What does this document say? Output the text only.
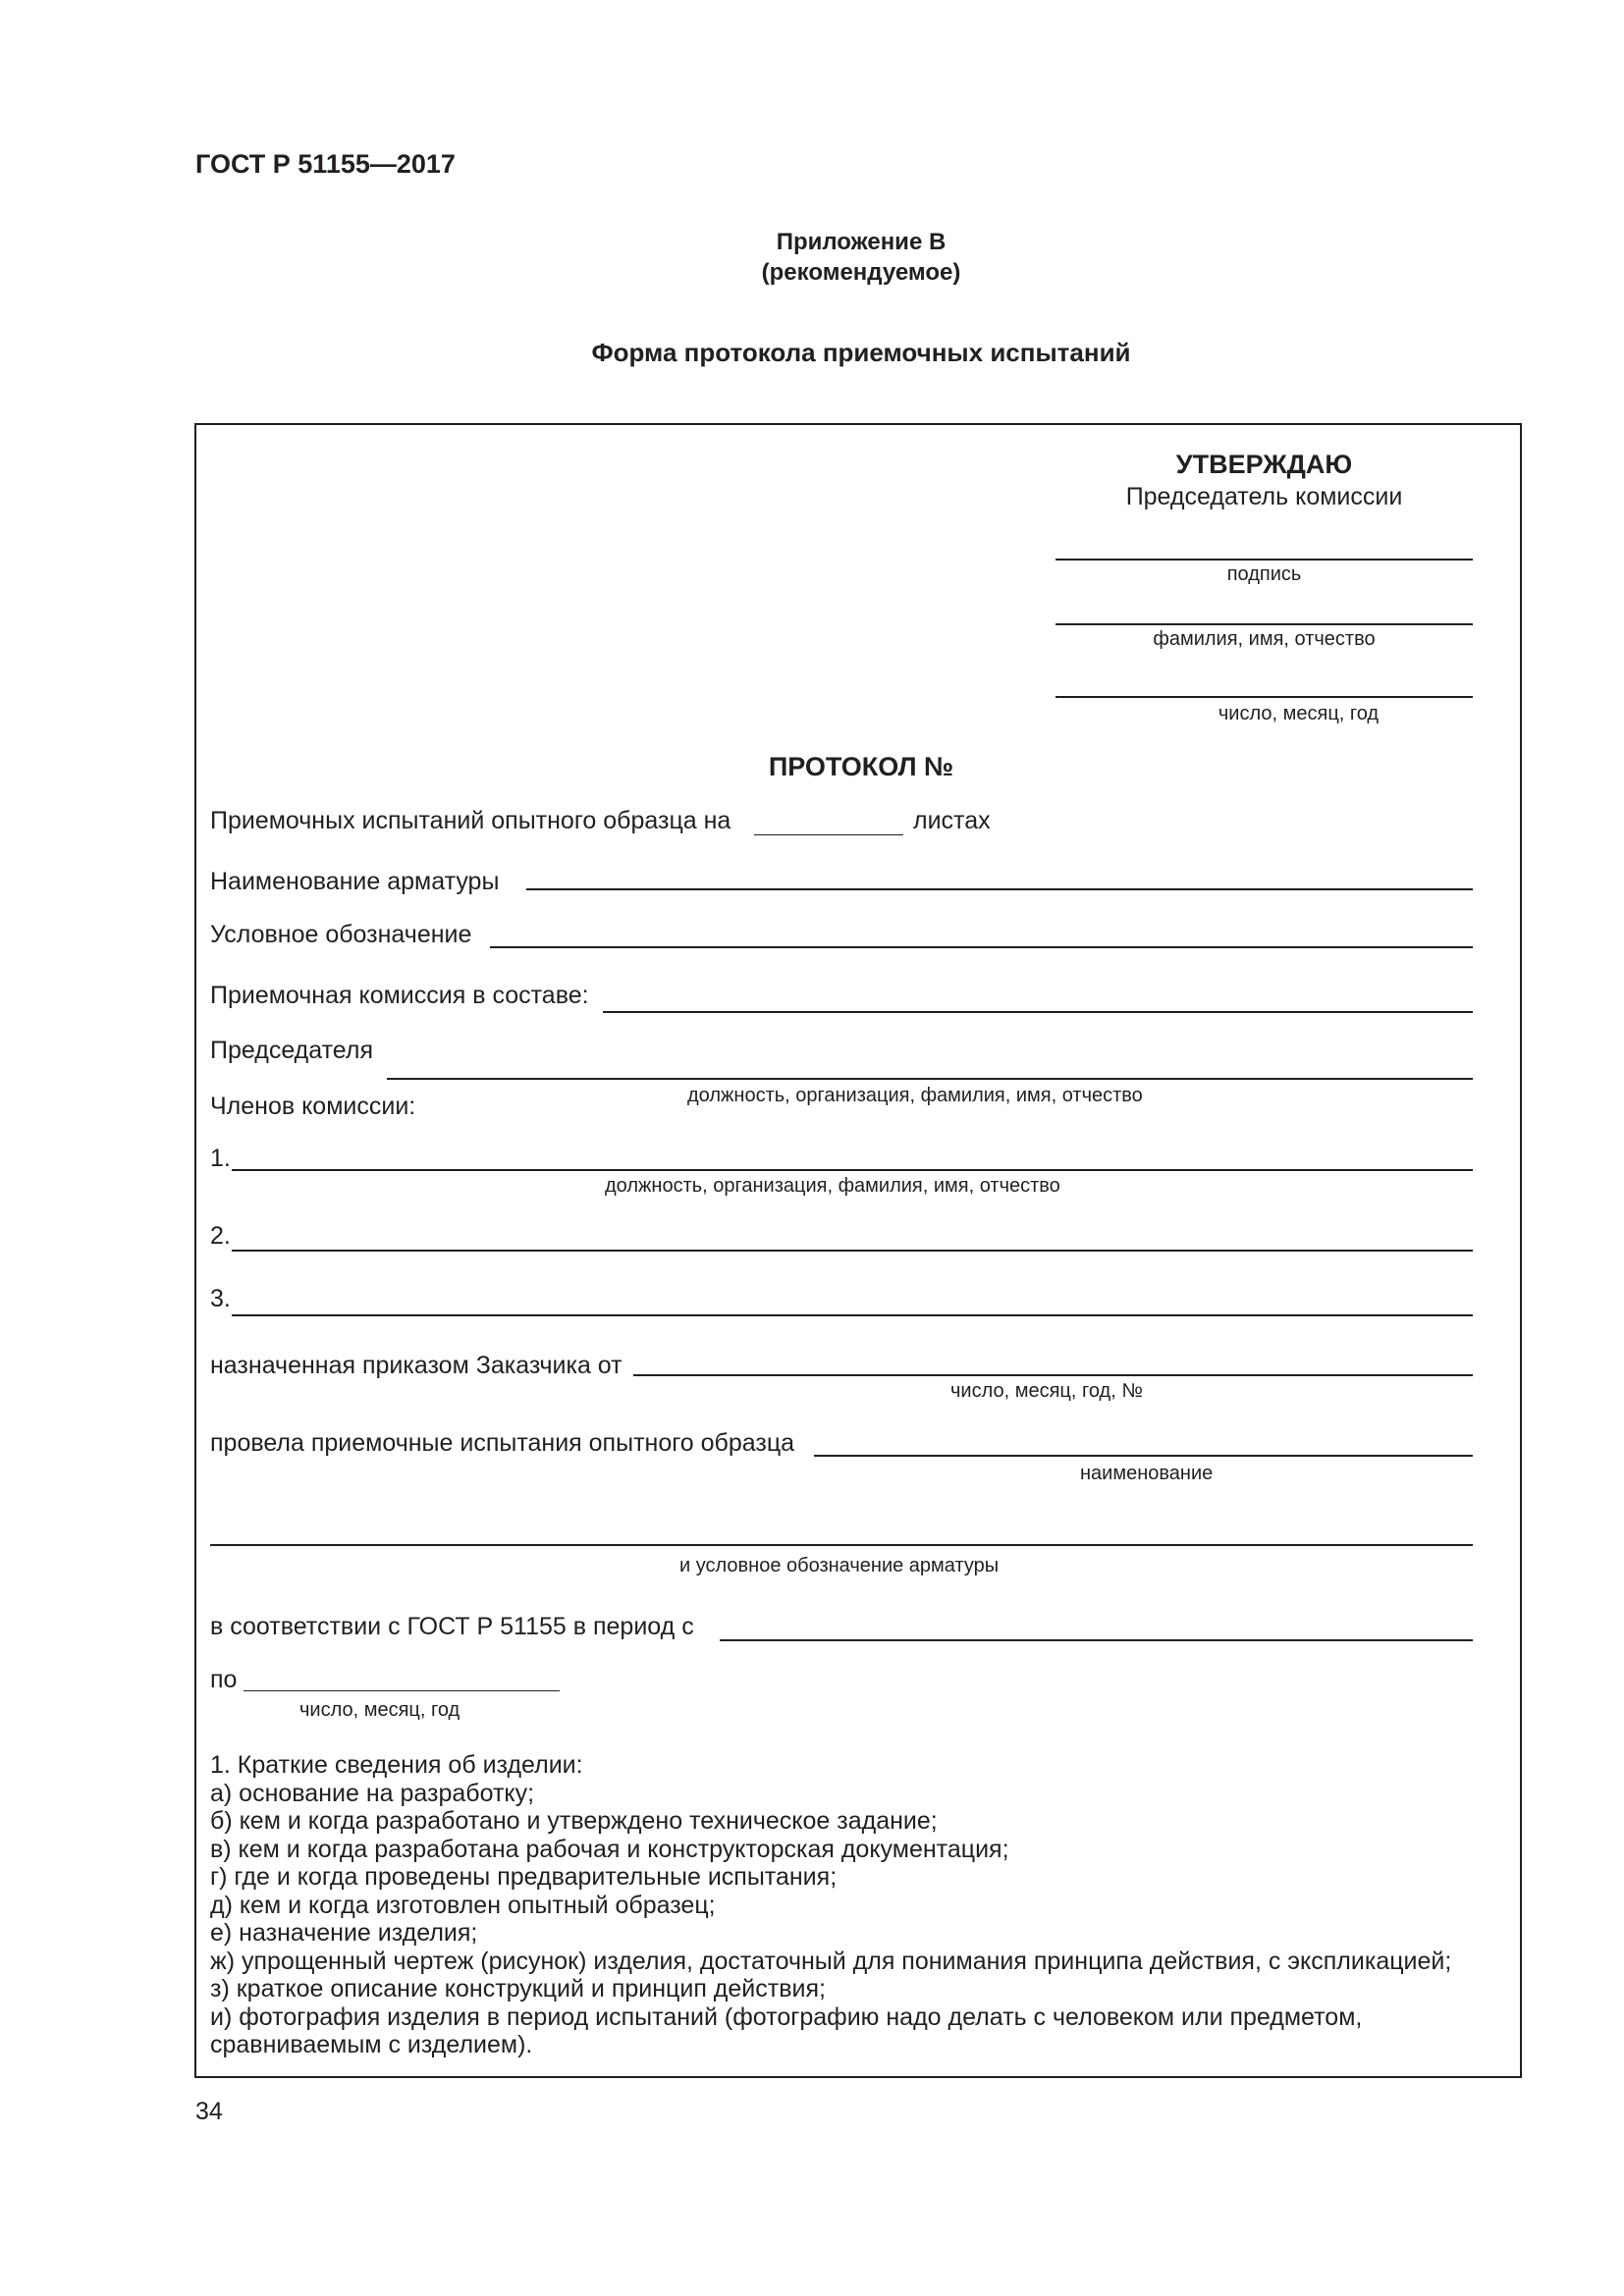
ГОСТ Р 51155—2017
Приложение В
(рекомендуемое)
Форма протокола приемочных испытаний
УТВЕРЖДАЮ
Председатель комиссии
подпись
фамилия, имя, отчество
число, месяц, год
ПРОТОКОЛ №
Приемочных испытаний опытного образца на	листах
Наименование арматуры
Условное обозначение
Приемочная комиссия в составе:
Председателя
должность, организация, фамилия, имя, отчество
Членов комиссии:
1.
должность, организация, фамилия, имя, отчество
2.
3.
назначенная приказом Заказчика от
число, месяц, год, №
провела приемочные испытания опытного образца
наименование
и условное обозначение арматуры
в соответствии с ГОСТ Р 51155 в период с
по
число, месяц, год
1. Краткие сведения об изделии:
а) основание на разработку;
б) кем и когда разработано и утверждено техническое задание;
в) кем и когда разработана рабочая и конструкторская документация;
г) где и когда проведены предварительные испытания;
д) кем и когда изготовлен опытный образец;
е) назначение изделия;
ж) упрощенный чертеж (рисунок) изделия, достаточный для понимания принципа действия, с экспликацией;
з) краткое описание конструкций и принцип действия;
и) фотография изделия в период испытаний (фотографию надо делать с человеком или предметом,
сравниваемым с изделием).
34
